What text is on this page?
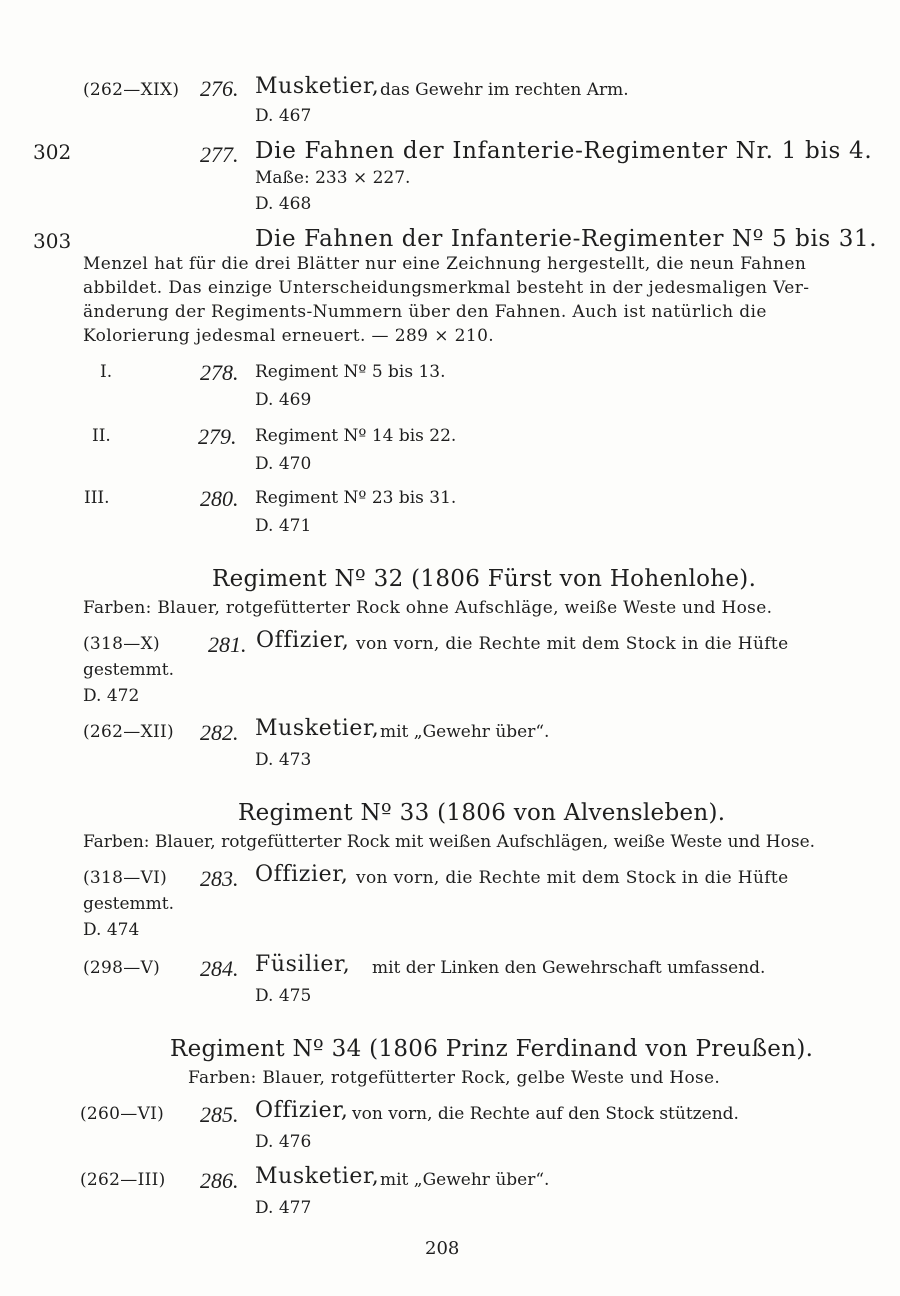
(262—XIX) 276. Musketier, das Gewehr im rechten Arm.
D. 467
302	277. Die Fahnen der Infanterie-Regimenter Nr. 1 bis 4.
Maße: 233 × 227.
D. 468
303	Die Fahnen der Infanterie-Regimenter Nº 5 bis 31.
Menzel hat für die drei Blätter nur eine Zeichnung hergestellt, die neun Fahnen
abbildet. Das einzige Unterscheidungsmerkmal besteht in der jedesmaligen Ver-
änderung der Regiments-Nummern über den Fahnen. Auch ist natürlich die
Kolorierung jedesmal erneuert. — 289 × 210.
I.	278. Regiment Nº 5 bis 13.
D. 469
II.	279. Regiment Nº 14 bis 22.
D. 470
III.	280. Regiment Nº 23 bis 31.
D. 471
Regiment Nº 32 (1806 Fürst von Hohenlohe).
Farben: Blauer, rotgefütterter Rock ohne Aufschläge, weiße Weste und Hose.
(318—X) 281. Offizier, von vorn, die Rechte mit dem Stock in die Hüfte
gestemmt.
D. 472
(262—XII) 282. Musketier, mit „Gewehr über“.
D. 473
Regiment Nº 33 (1806 von Alvensleben).
Farben: Blauer, rotgefütterter Rock mit weißen Aufschlägen, weiße Weste und Hose.
(318—VI) 283. Offizier, von vorn, die Rechte mit dem Stock in die Hüfte
gestemmt.
D. 474
(298—V) 284. Füsilier, mit der Linken den Gewehrschaft umfassend.
D. 475
Regiment Nº 34 (1806 Prinz Ferdinand von Preußen).
Farben: Blauer, rotgefütterter Rock, gelbe Weste und Hose.
(260—VI) 285. Offizier, von vorn, die Rechte auf den Stock stützend.
D. 476
(262—III) 286. Musketier, mit „Gewehr über“.
D. 477
208
